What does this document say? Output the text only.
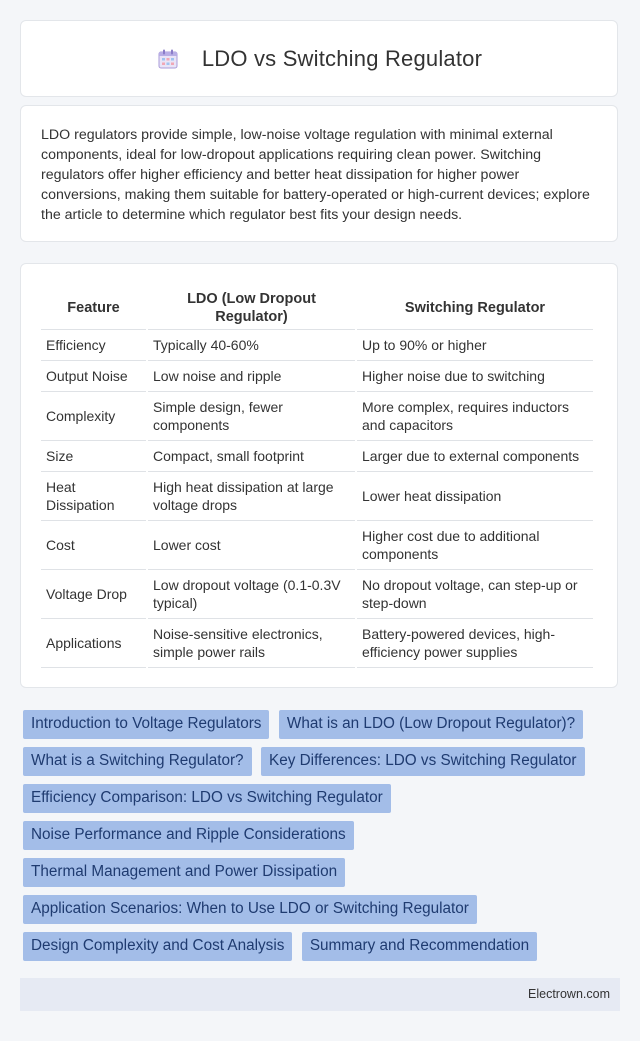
LDO vs Switching Regulator

LDO regulators provide simple, low-noise voltage regulation with minimal external components, ideal for low-dropout applications requiring clean power. Switching regulators offer higher efficiency and better heat dissipation for higher power conversions, making them suitable for battery-operated or high-current devices; explore the article to determine which regulator best fits your design needs.

Feature	LDO (Low Dropout Regulator)	Switching Regulator
Efficiency	Typically 40-60%	Up to 90% or higher
Output Noise	Low noise and ripple	Higher noise due to switching
Complexity	Simple design, fewer components	More complex, requires inductors and capacitors
Size	Compact, small footprint	Larger due to external components
Heat Dissipation	High heat dissipation at large voltage drops	Lower heat dissipation
Cost	Lower cost	Higher cost due to additional components
Voltage Drop	Low dropout voltage (0.1-0.3V typical)	No dropout voltage, can step-up or step-down
Applications	Noise-sensitive electronics, simple power rails	Battery-powered devices, high-efficiency power supplies
Introduction to Voltage Regulators What is an LDO (Low Dropout Regulator)? What is a Switching Regulator? Key Differences: LDO vs Switching Regulator Efficiency Comparison: LDO vs Switching Regulator Noise Performance and Ripple Considerations Thermal Management and Power Dissipation Application Scenarios: When to Use LDO or Switching Regulator Design Complexity and Cost Analysis Summary and Recommendation
Electrown.com
